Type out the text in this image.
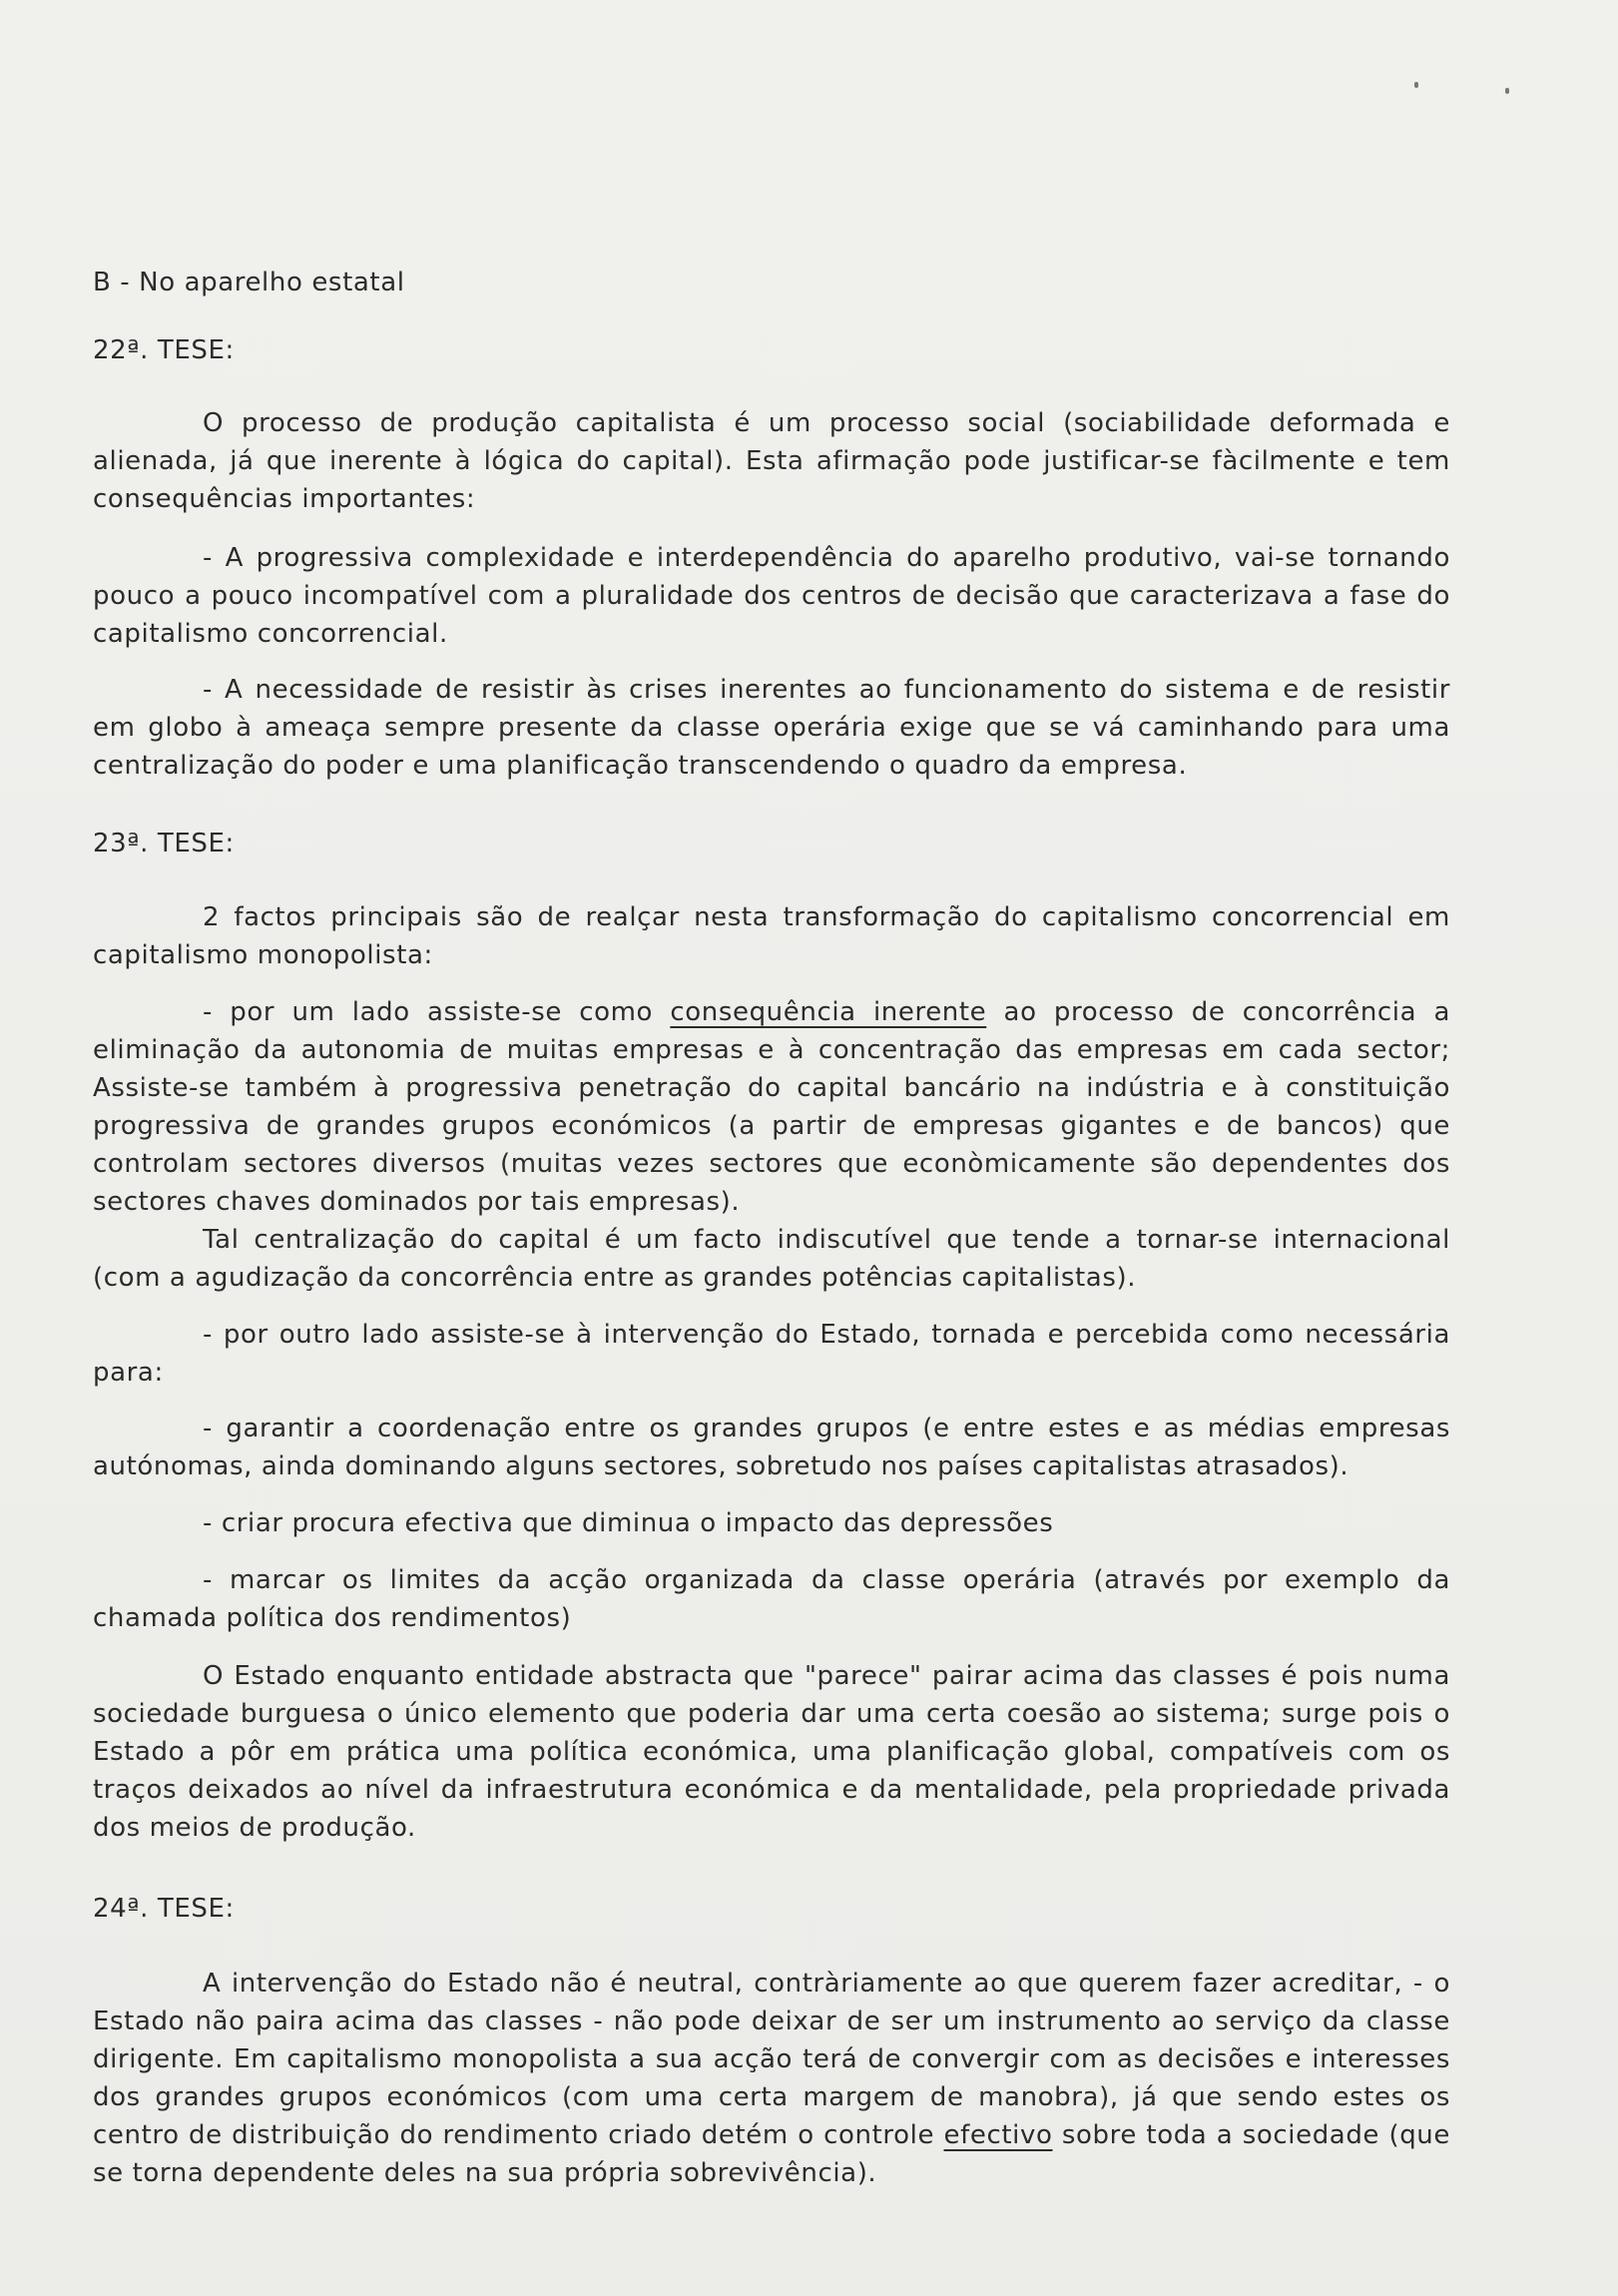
B - No aparelho estatal

22ª. TESE:

O processo de produção capitalista é um processo social (sociabilidade deformada e alienada, já que inerente à lógica do capital). Esta afirmação pode justificar-se fàcilmente e tem consequências importantes:

- A progressiva complexidade e interdependência do aparelho produtivo, vai-se tornando pouco a pouco incompatível com a pluralidade dos centros de decisão que caracterizava a fase do capitalismo concorrencial.

- A necessidade de resistir às crises inerentes ao funcionamento do sistema e de resistir em globo à ameaça sempre presente da classe operária exige que se vá caminhando para uma centralização do poder e uma planificação transcendendo o quadro da empresa.

23ª. TESE:

2 factos principais são de realçar nesta transformação do capitalismo concorrencial em capitalismo monopolista:

- por um lado assiste-se como consequência inerente ao processo de concorrência a eliminação da autonomia de muitas empresas e à concentração das empresas em cada sector; Assiste-se também à progressiva penetração do capital bancário na indústria e à constituição progressiva de grandes grupos económicos (a partir de empresas gigantes e de bancos) que controlam sectores diversos (muitas vezes sectores que econòmicamente são dependentes dos sectores chaves dominados por tais empresas).

Tal centralização do capital é um facto indiscutível que tende a tornar-se internacional (com a agudização da concorrência entre as grandes potências capitalistas).

- por outro lado assiste-se à intervenção do Estado, tornada e percebida como necessária para:

- garantir a coordenação entre os grandes grupos (e entre estes e as médias empresas autónomas, ainda dominando alguns sectores, sobretudo nos países capitalistas atrasados).

- criar procura efectiva que diminua o impacto das depressões

- marcar os limites da acção organizada da classe operária (através por exemplo da chamada política dos rendimentos)

O Estado enquanto entidade abstracta que "parece" pairar acima das classes é pois numa sociedade burguesa o único elemento que poderia dar uma certa coesão ao sistema; surge pois o Estado a pôr em prática uma política económica, uma planificação global, compatíveis com os traços deixados ao nível da infraestrutura económica e da mentalidade, pela propriedade privada dos meios de produção.

24ª. TESE:

A intervenção do Estado não é neutral, contràriamente ao que querem fazer acreditar, - o Estado não paira acima das classes - não pode deixar de ser um instrumento ao serviço da classe dirigente. Em capitalismo monopolista a sua acção terá de convergir com as decisões e interesses dos grandes grupos económicos (com uma certa margem de manobra), já que sendo estes os centro de distribuição do rendimento criado detém o controle efectivo sobre toda a sociedade (que se torna dependente deles na sua própria sobrevivência).
